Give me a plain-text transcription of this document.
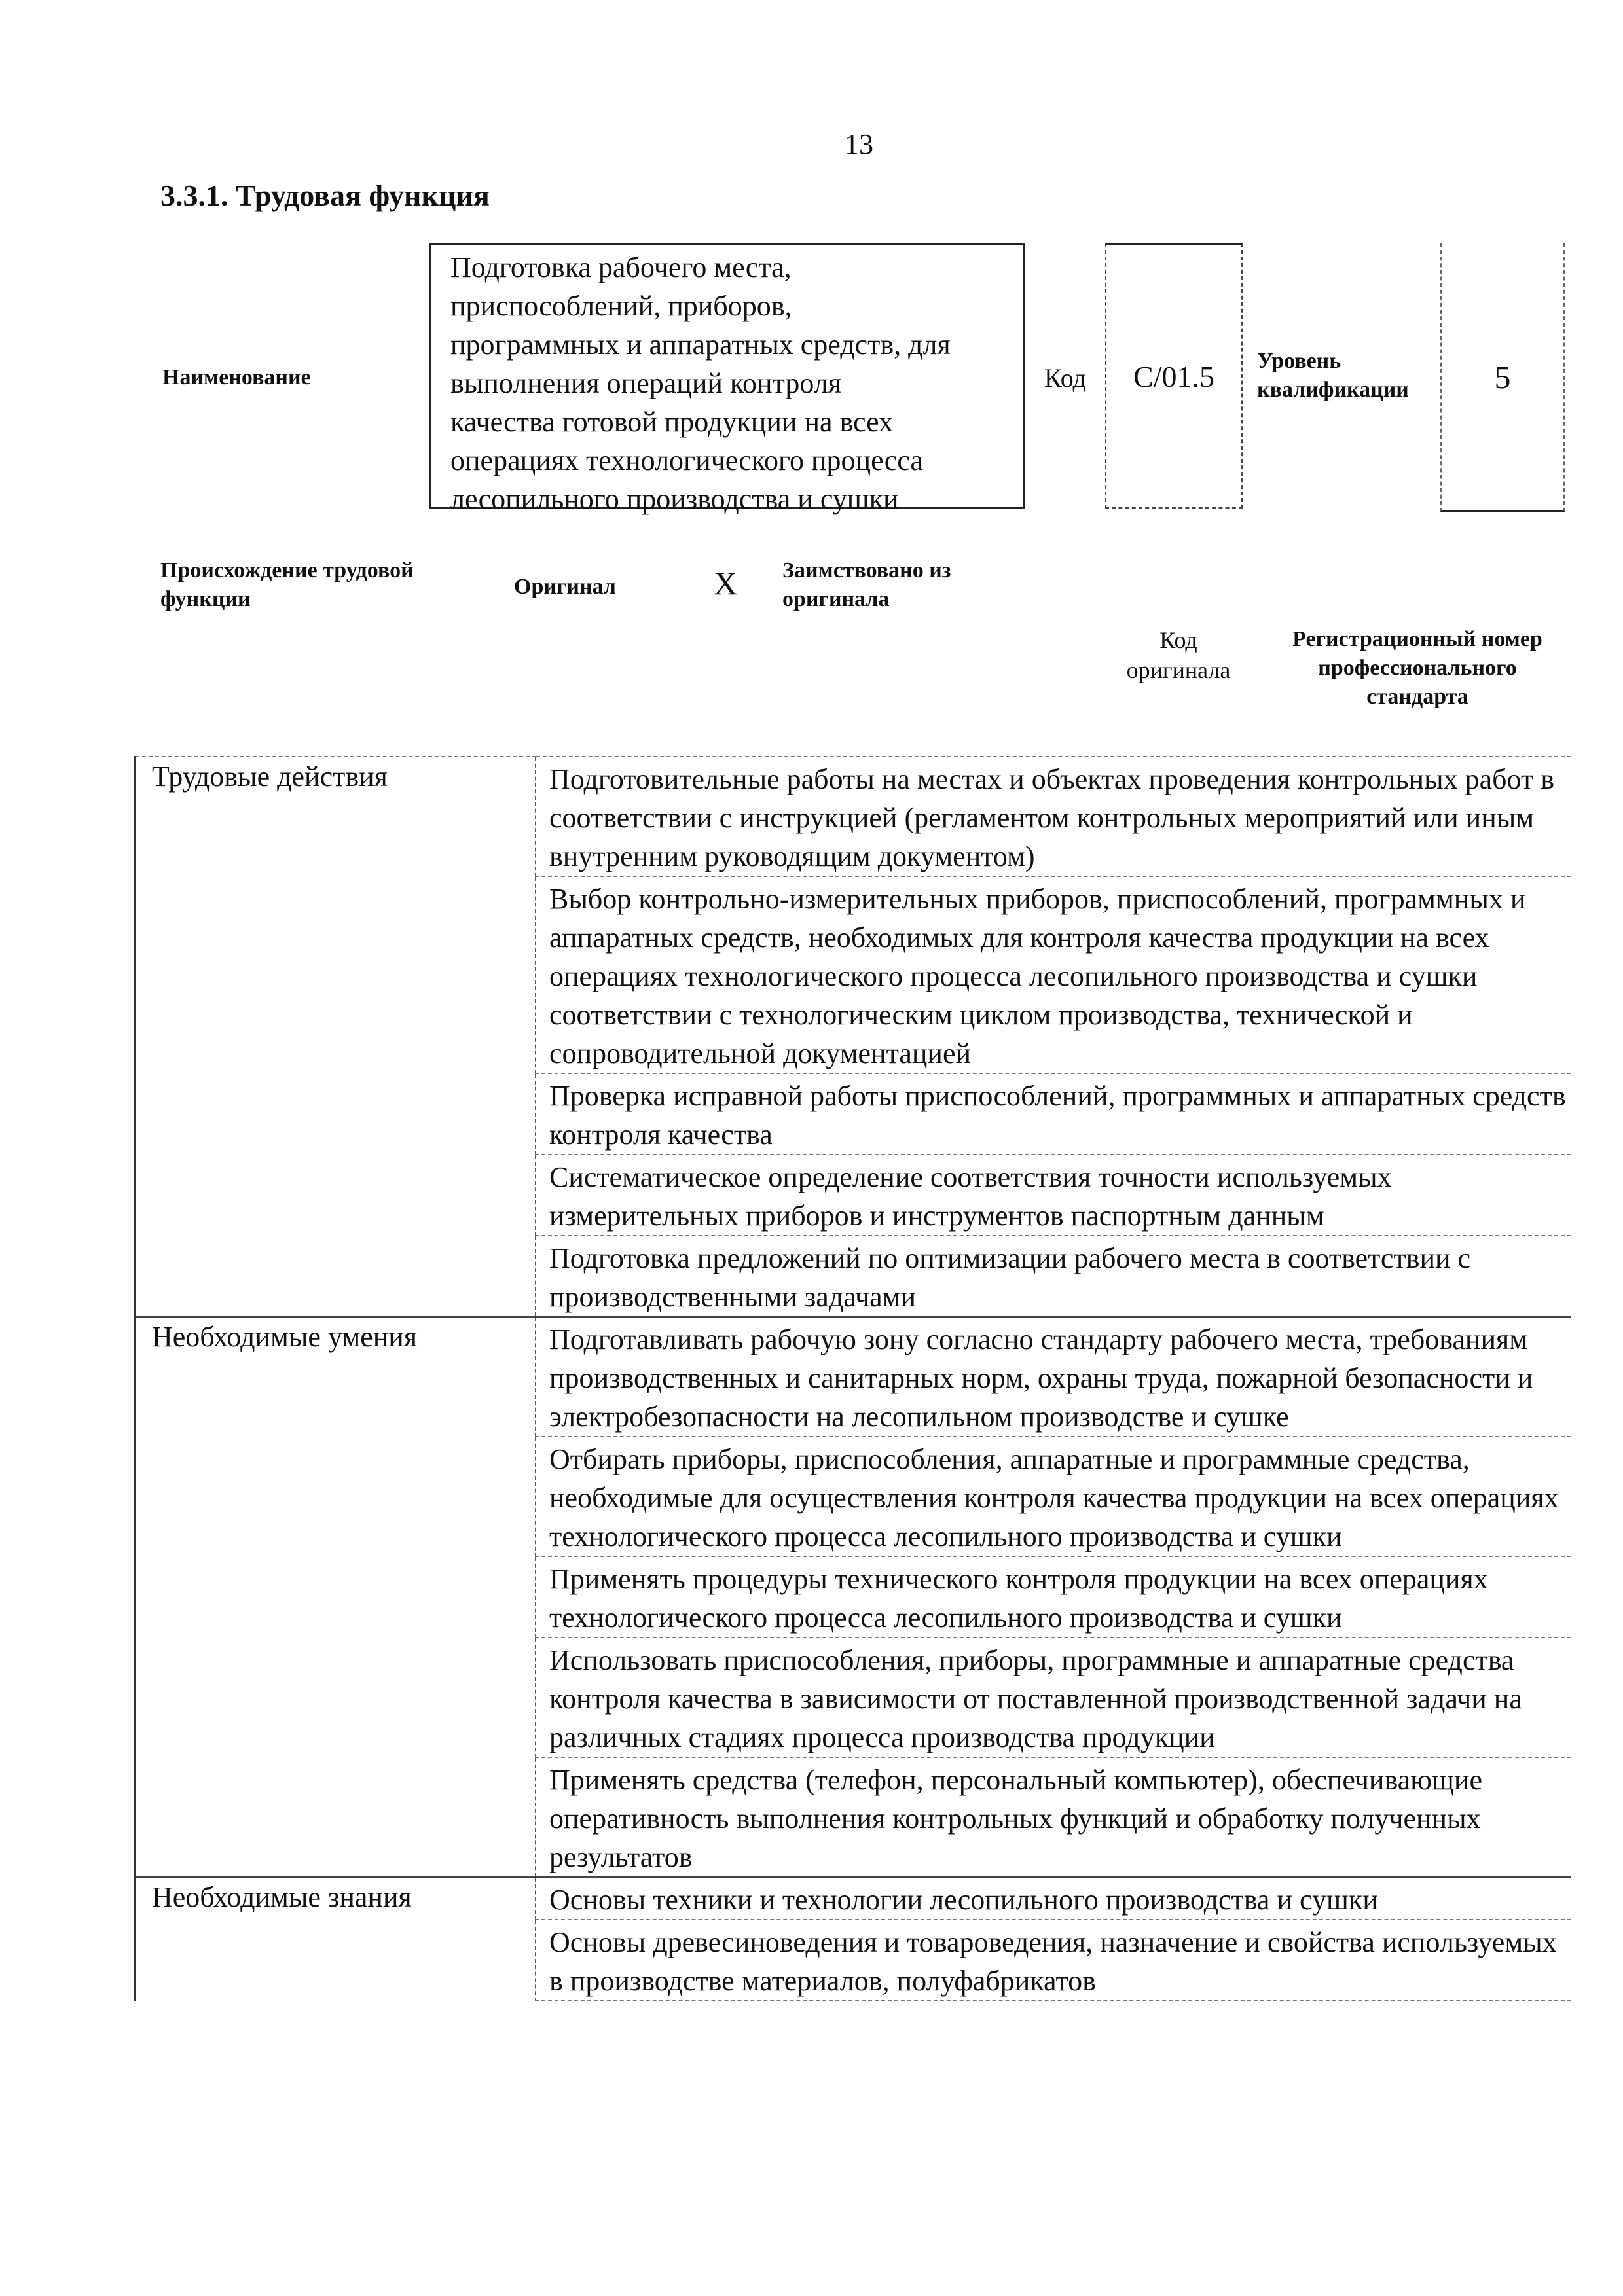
13
3.3.1. Трудовая функция
Наименование
Подготовка рабочего места,
приспособлений, приборов,
программных и аппаратных средств, для
выполнения операций контроля
качества готовой продукции на всех
операциях технологического процесса
лесопильного производства и сушки
Код C/01.5 Уровень
квалификации	5
Происхождение трудовой
функции
Оригинал	X Заимствовано из
оригинала
Код
оригинала
Регистрационный номер
профессионального
стандарта
Трудовые действия	Подготовительные работы на местах и объектах проведения контрольных работ в соответствии с инструкцией (регламентом контрольных мероприятий или иным внутренним руководящим документом)
	Выбор контрольно-измерительных приборов, приспособлений, программных и аппаратных средств, необходимых для контроля качества продукции на всех операциях технологического процесса лесопильного производства и сушки соответствии с технологическим циклом производства, технической и сопроводительной документацией
	Проверка исправной работы приспособлений, программных и аппаратных средств контроля качества
	Систематическое определение соответствия точности используемых измерительных приборов и инструментов паспортным данным
	Подготовка предложений по оптимизации рабочего места в соответствии с производственными задачами
Необходимые умения	Подготавливать рабочую зону согласно стандарту рабочего места, требованиям производственных и санитарных норм, охраны труда, пожарной безопасности и электробезопасности на лесопильном производстве и сушке
	Отбирать приборы, приспособления, аппаратные и программные средства, необходимые для осуществления контроля качества продукции на всех операциях технологического процесса лесопильного производства и сушки
	Применять процедуры технического контроля продукции на всех операциях технологического процесса лесопильного производства и сушки
	Использовать приспособления, приборы, программные и аппаратные средства контроля качества в зависимости от поставленной производственной задачи на различных стадиях процесса производства продукции
	Применять средства (телефон, персональный компьютер), обеспечивающие оперативность выполнения контрольных функций и обработку полученных результатов
Необходимые знания	Основы техники и технологии лесопильного производства и сушки
	Основы древесиноведения и товароведения, назначение и свойства используемых в производстве материалов, полуфабрикатов
